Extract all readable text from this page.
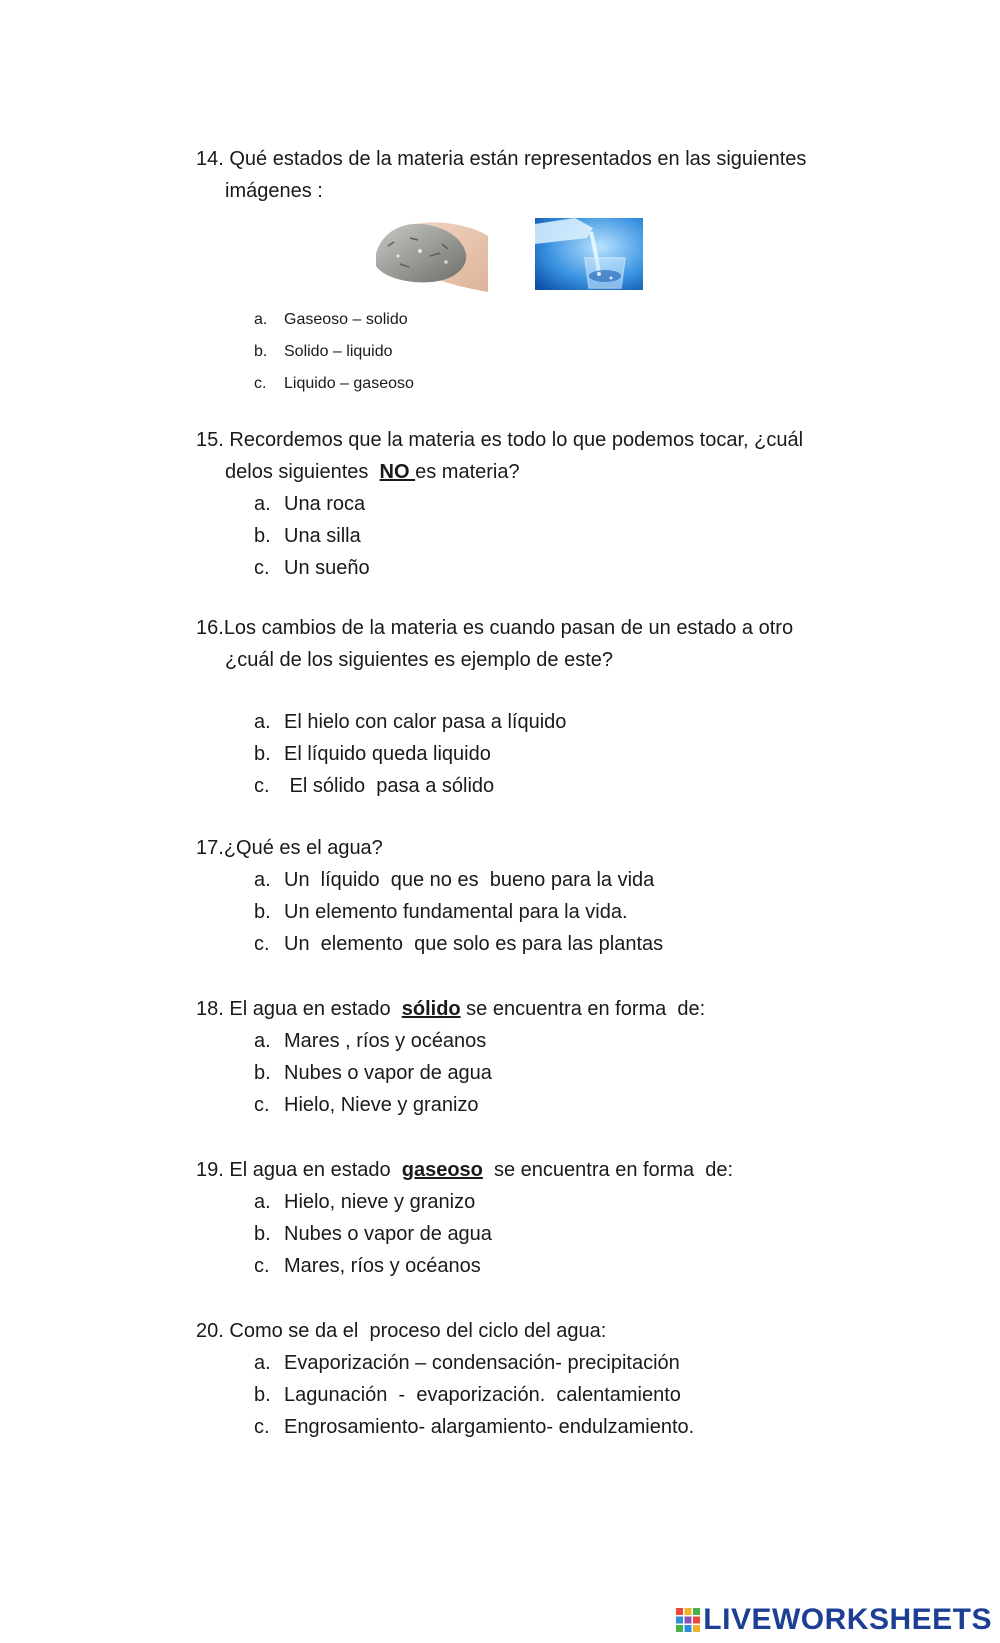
14. Qué estados de la materia están representados en las siguientes
imágenes :
a. Gaseoso – solido
b. Solido – liquido
c. Liquido – gaseoso
15. Recordemos que la materia es todo lo que podemos tocar, ¿cuál
delos siguientes  NO es materia?
a. Una roca
b. Una silla
c. Un sueño
16.Los cambios de la materia es cuando pasan de un estado a otro
¿cuál de los siguientes es ejemplo de este?
a. El hielo con calor pasa a líquido
b. El líquido queda liquido
c. El sólido  pasa a sólido
17.¿Qué es el agua?
a. Un  líquido  que no es  bueno para la vida
b. Un elemento fundamental para la vida.
c. Un  elemento  que solo es para las plantas
18. El agua en estado  sólido se encuentra en forma  de:
a. Mares , ríos y océanos
b. Nubes o vapor de agua
c. Hielo, Nieve y granizo
19. El agua en estado  gaseoso  se encuentra en forma  de:
a. Hielo, nieve y granizo
b. Nubes o vapor de agua
c. Mares, ríos y océanos
20. Como se da el  proceso del ciclo del agua:
a. Evaporización – condensación- precipitación
b. Lagunación  -  evaporización.  calentamiento
c. Engrosamiento- alargamiento- endulzamiento.
LIVEWORKSHEETS
